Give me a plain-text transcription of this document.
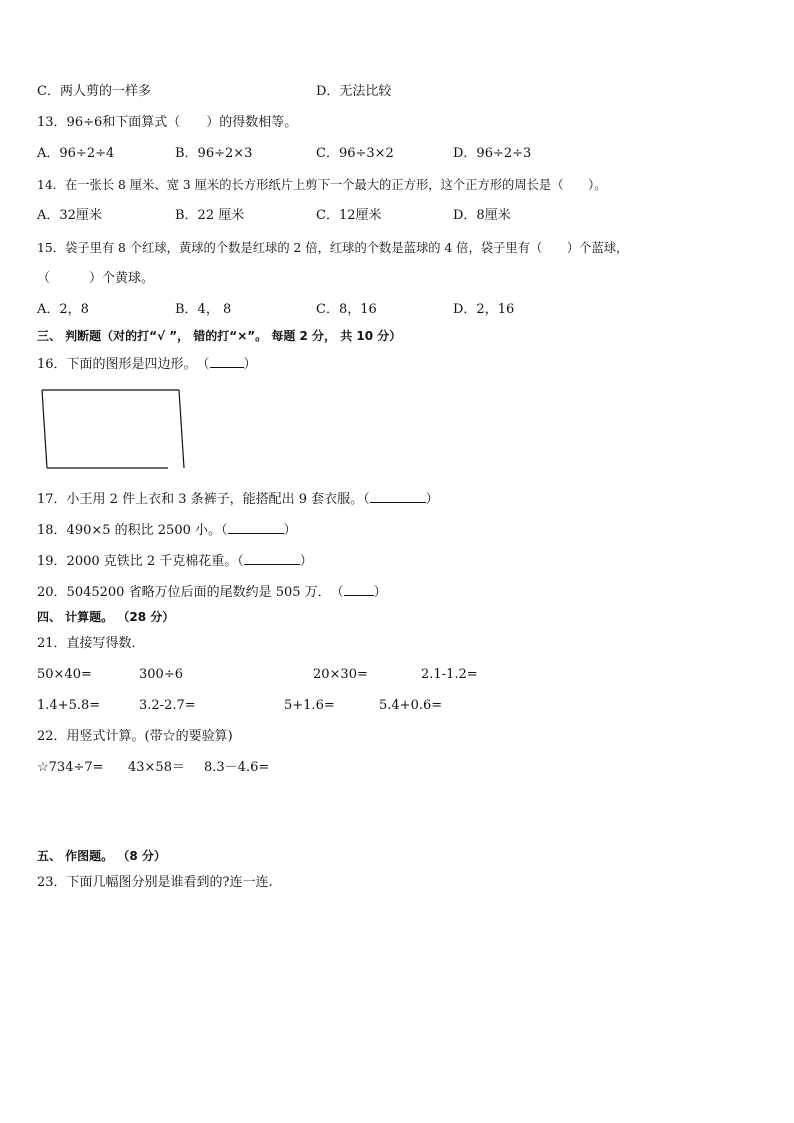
C．两人剪的一样多	D．无法比较
13．96÷6和下面算式（　　）的得数相等。
A．96÷2÷4	B．96÷2×3	C．96÷3×2	D．96÷2÷3
14．在一张长 8 厘米、宽 3 厘米的长方形纸片上剪下一个最大的正方形，这个正方形的周长是（　　）。
A．32厘米	B．22 厘米	C．12厘米	D．8厘米
15．袋子里有 8 个红球，黄球的个数是红球的 2 倍，红球的个数是蓝球的 4 倍，袋子里有（　　）个蓝球，
（　　　）个黄球。
A．2，8	B．4， 8	C．8，16	D．2，16
三、 判断题（对的打“√ ”， 错的打“×”。 每题 2 分， 共 10 分）
16．下面的图形是四边形。　（	）
17．小王用 2 件上衣和 3 条裤子，能搭配出 9 套衣服。（	）
18．490×5 的积比 2500 小。（	）
19．2000 克铁比 2 千克棉花重。（	）
20．5045200 省略万位后面的尾数约是 505 万．　（ ）
四、 计算题。 （28 分）
21．直接写得数．
50×40=	300÷6	20×30=	2.1-1.2=
1.4+5.8=	3.2-2.7=	5+1.6=	5.4+0.6=
22．用竖式计算。(带☆的要验算)
☆734÷7= 43×58＝ 8.3－4.6=
五、 作图题。 （8 分）
23．下面几幅图分别是谁看到的?连一连.
